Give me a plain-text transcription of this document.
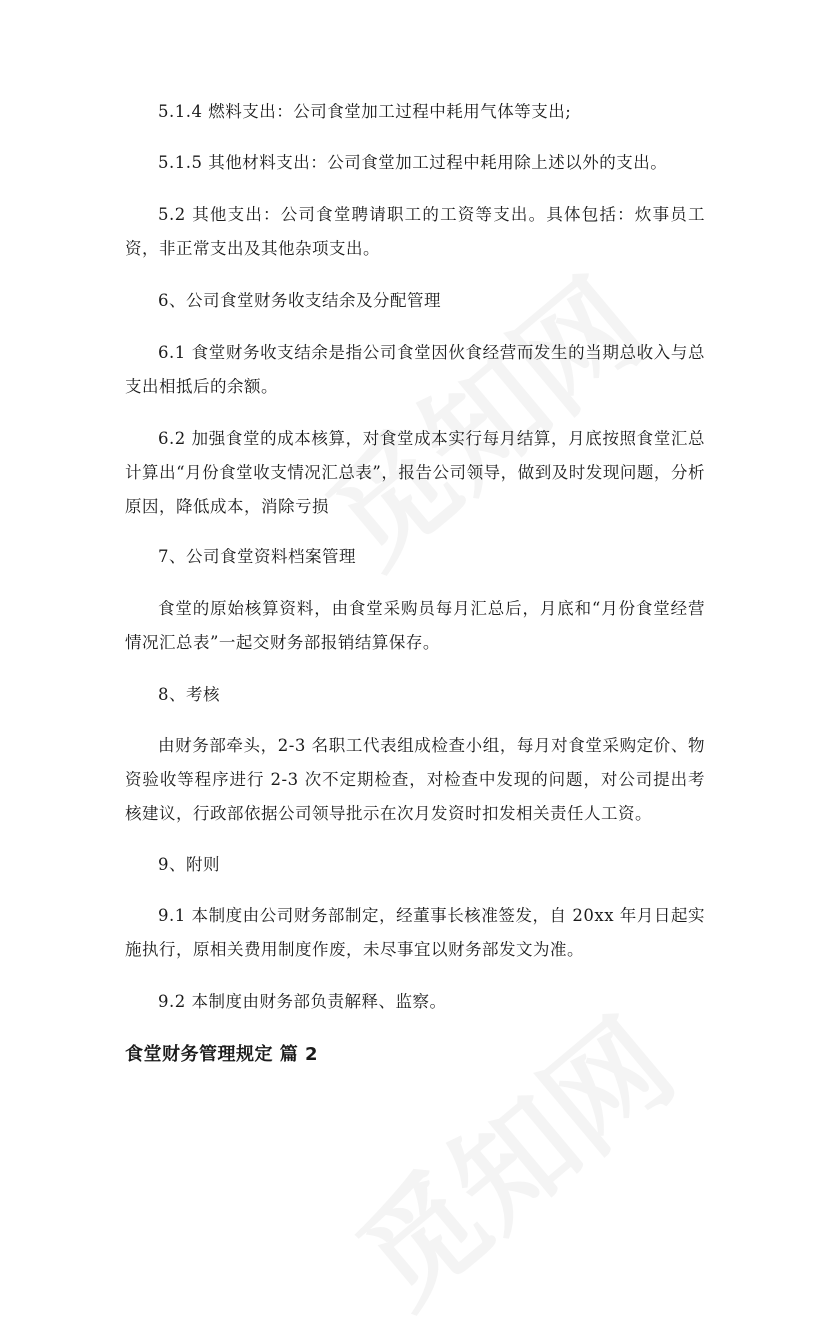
5.1.4 燃料支出：公司食堂加工过程中耗用气体等支出;

5.1.5 其他材料支出：公司食堂加工过程中耗用除上述以外的支出。

5.2 其他支出：公司食堂聘请职工的工资等支出。具体包括：炊事员工资，非正常支出及其他杂项支出。

6、公司食堂财务收支结余及分配管理

6.1 食堂财务收支结余是指公司食堂因伙食经营而发生的当期总收入与总支出相抵后的余额。

6.2 加强食堂的成本核算，对食堂成本实行每月结算，月底按照食堂汇总计算出“月份食堂收支情况汇总表”，报告公司领导，做到及时发现问题，分析原因，降低成本，消除亏损

7、公司食堂资料档案管理

食堂的原始核算资料，由食堂采购员每月汇总后，月底和“月份食堂经营情况汇总表”一起交财务部报销结算保存。

8、考核

由财务部牵头，2-3 名职工代表组成检查小组，每月对食堂采购定价、物资验收等程序进行 2-3 次不定期检查，对检查中发现的问题，对公司提出考核建议，行政部依据公司领导批示在次月发资时扣发相关责任人工资。

9、附则

9.1 本制度由公司财务部制定，经董事长核准签发，自 20xx 年月日起实施执行，原相关费用制度作废，未尽事宜以财务部发文为准。

9.2 本制度由财务部负责解释、监察。

食堂财务管理规定 篇 2
